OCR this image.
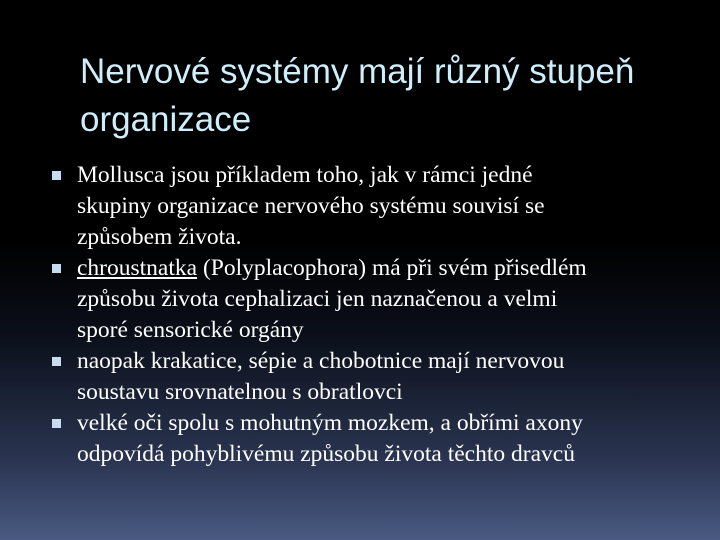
Nervové systémy mají různý stupeň
organizace
Mollusca jsou příkladem toho, jak v rámci jedné
skupiny organizace nervového systému souvisí se
způsobem života.
chroustnatka (Polyplacophora) má při svém přisedlém
způsobu života cephalizaci jen naznačenou a velmi
sporé sensorické orgány
naopak krakatice, sépie a chobotnice mají nervovou
soustavu srovnatelnou s obratlovci
velké oči spolu s mohutným mozkem, a obřími axony
odpovídá pohyblivému způsobu života těchto dravců
